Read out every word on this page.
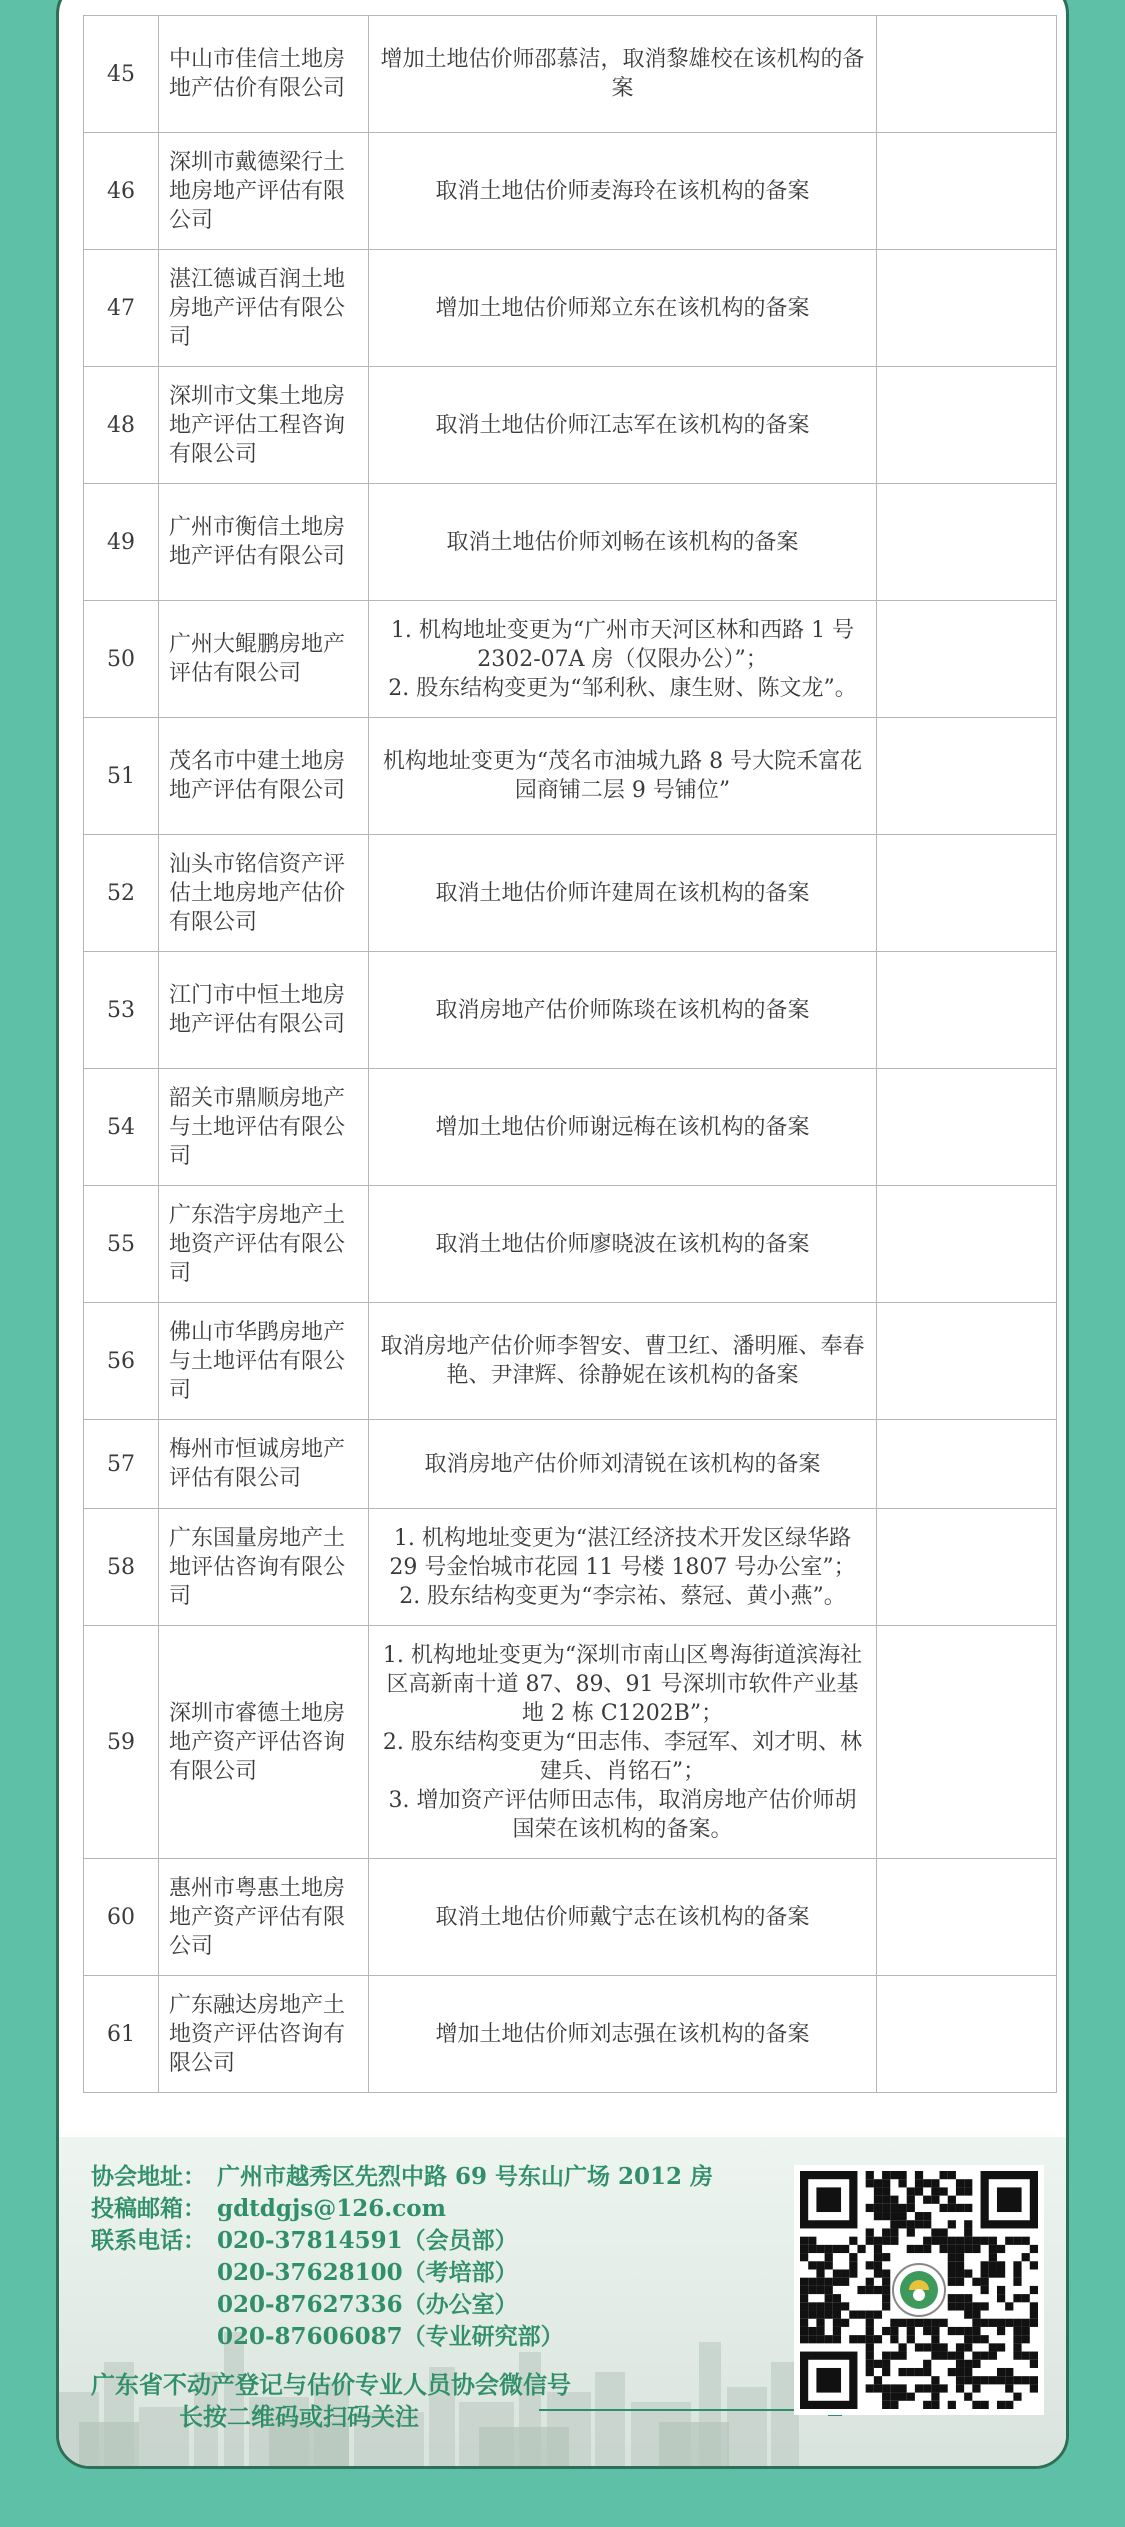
45	中山市佳信土地房地产估价有限公司	增加土地估价师邵慕洁，取消黎雄校在该机构的备案	

46	深圳市戴德梁行土地房地产评估有限公司	取消土地估价师麦海玲在该机构的备案	

47	湛江德诚百润土地房地产评估有限公司	增加土地估价师郑立东在该机构的备案	

48	深圳市文集土地房地产评估工程咨询有限公司	取消土地估价师江志军在该机构的备案	

49	广州市衡信土地房地产评估有限公司	取消土地估价师刘畅在该机构的备案	

50	广州大鲲鹏房地产评估有限公司	1. 机构地址变更为“广州市天河区林和西路 1 号 2302-07A 房（仅限办公）”；
2. 股东结构变更为“邹利秋、康生财、陈文龙”。	

51	茂名市中建土地房地产评估有限公司	机构地址变更为“茂名市油城九路 8 号大院禾富花园商铺二层 9 号铺位”	

52	汕头市铭信资产评估土地房地产估价有限公司	取消土地估价师许建周在该机构的备案	

53	江门市中恒土地房地产评估有限公司	取消房地产估价师陈琰在该机构的备案	

54	韶关市鼎顺房地产与土地评估有限公司	增加土地估价师谢远梅在该机构的备案	

55	广东浩宇房地产土地资产评估有限公司	取消土地估价师廖晓波在该机构的备案	

56	佛山市华鹍房地产与土地评估有限公司	取消房地产估价师李智安、曹卫红、潘明雁、奉春艳、尹津辉、徐静妮在该机构的备案	

57	梅州市恒诚房地产评估有限公司	取消房地产估价师刘清锐在该机构的备案	

58	广东国量房地产土地评估咨询有限公司	1. 机构地址变更为“湛江经济技术开发区绿华路 29 号金怡城市花园 11 号楼 1807 号办公室”；
2. 股东结构变更为“李宗祐、蔡冠、黄小燕”。	

59	深圳市睿德土地房地产资产评估咨询有限公司	1. 机构地址变更为“深圳市南山区粤海街道滨海社区高新南十道 87、89、91 号深圳市软件产业基地 2 栋 C1202B”；
2. 股东结构变更为“田志伟、李冠军、刘才明、林建兵、肖铭石”；
3. 增加资产评估师田志伟，取消房地产估价师胡国荣在该机构的备案。	

60	惠州市粤惠土地房地产资产评估有限公司	取消土地估价师戴宁志在该机构的备案	

61	广东融达房地产土地资产评估咨询有限公司	增加土地估价师刘志强在该机构的备案	

协会地址： 广州市越秀区先烈中路 69 号东山广场 2012 房
投稿邮箱： gdtdgjs@126.com
联系电话： 020-37814591（会员部）
020-37628100（考培部）
020-87627336（办公室）
020-87606087（专业研究部）
广东省不动产登记与估价专业人员协会微信号
长按二维码或扫码关注
